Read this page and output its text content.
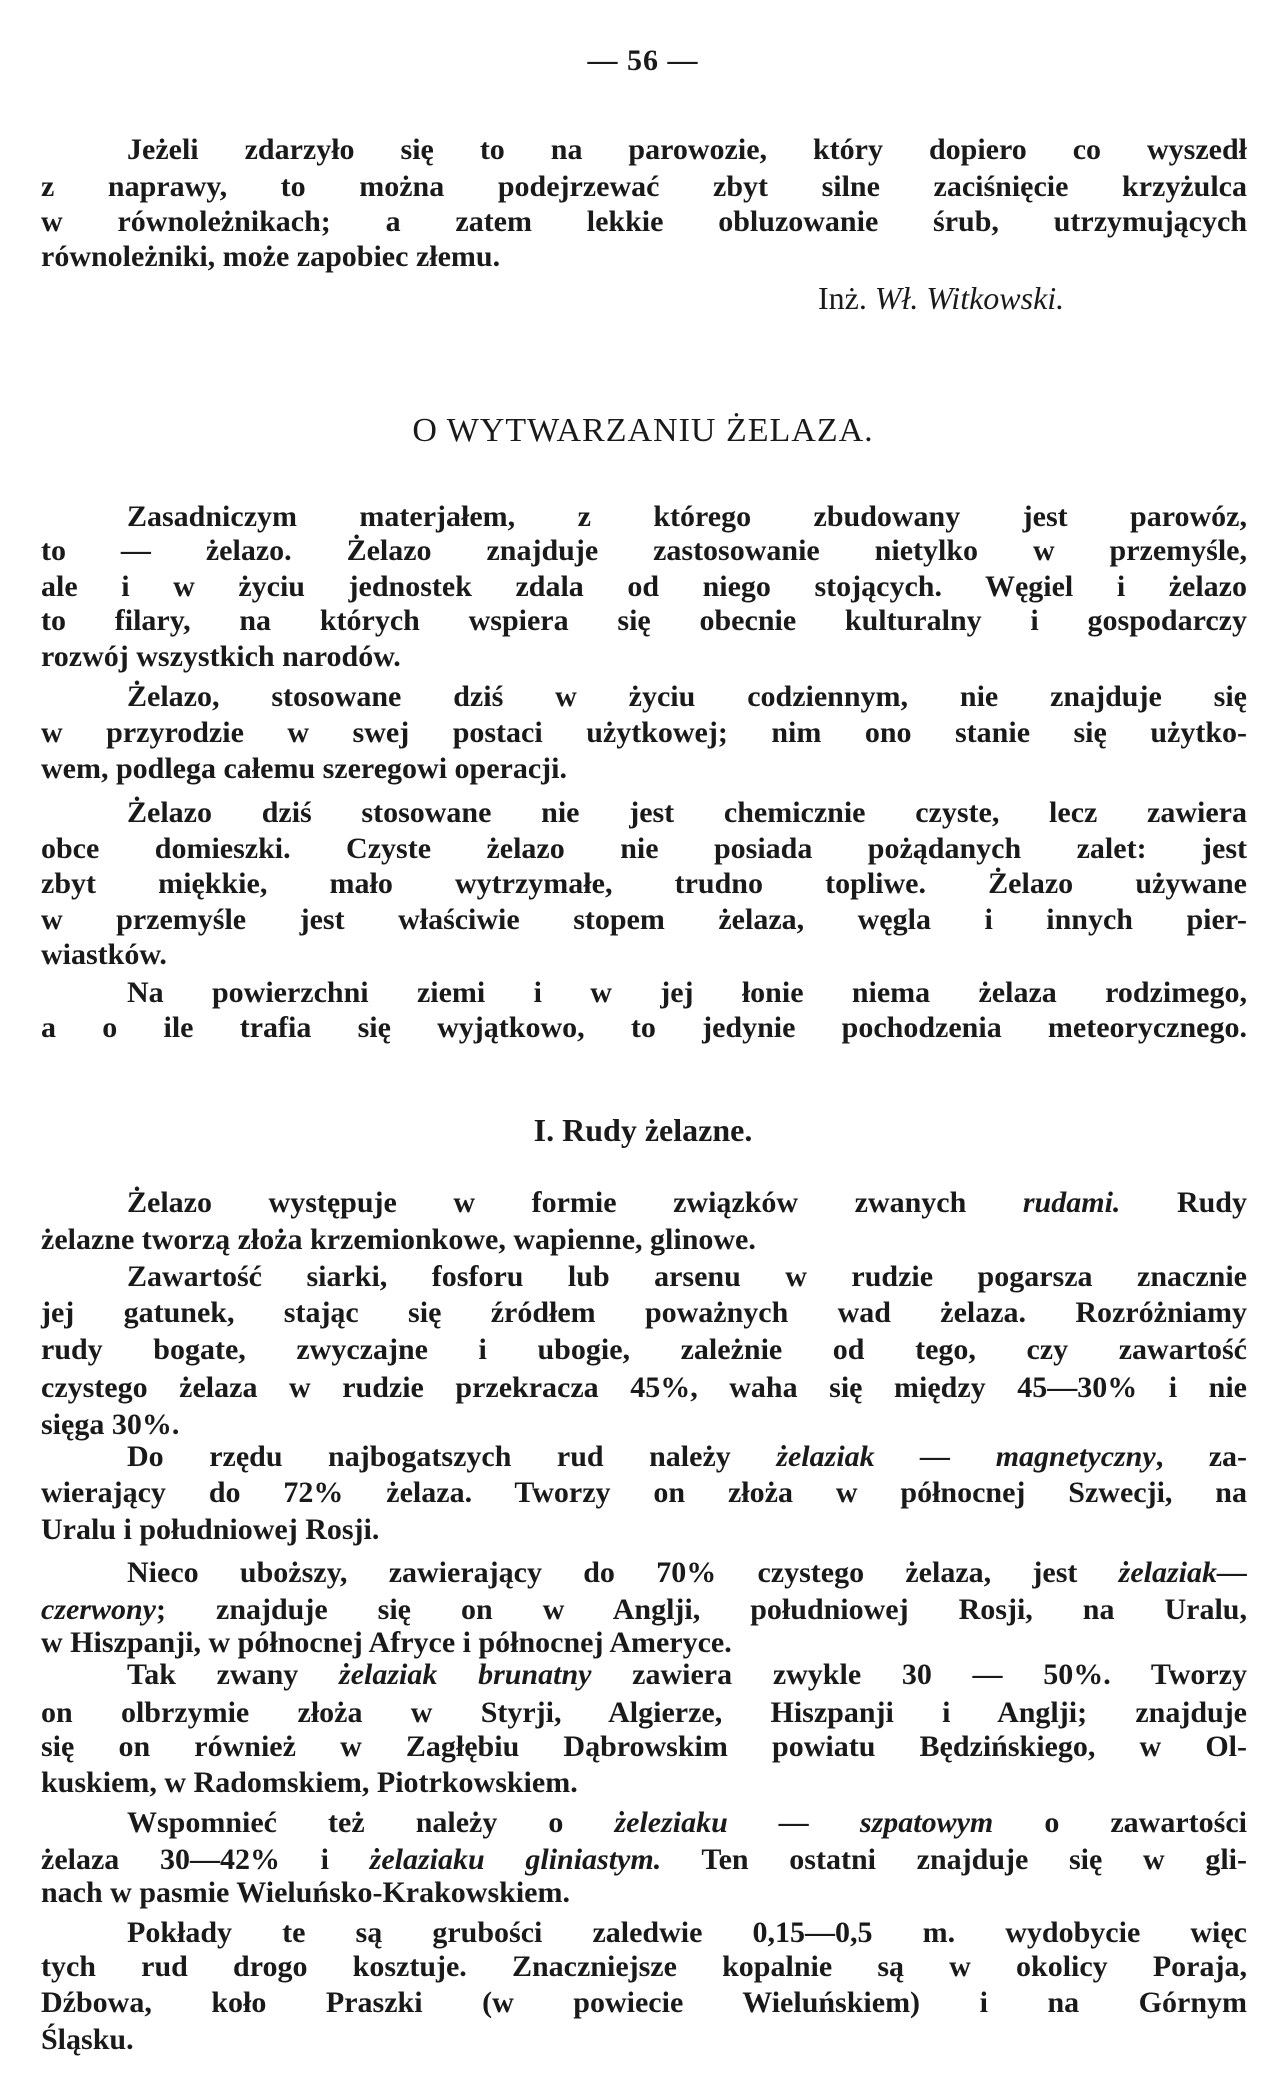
— 56 —
Jeżeli zdarzyło się to na parowozie, który dopiero co wyszedł
z naprawy, to można podejrzewać zbyt silne zaciśnięcie krzyżulca
w równoleżnikach; a zatem lekkie obluzowanie śrub, utrzymujących
równoleżniki, może zapobiec złemu.
Inż. Wł. Witkowski.
O WYTWARZANIU ŻELAZA.
Zasadniczym materjałem, z którego zbudowany jest parowóz,
to — żelazo. Żelazo znajduje zastosowanie nietylko w przemyśle,
ale i w życiu jednostek zdala od niego stojących. Węgiel i żelazo
to filary, na których wspiera się obecnie kulturalny i gospodarczy
rozwój wszystkich narodów.
Żelazo, stosowane dziś w życiu codziennym, nie znajduje się
w przyrodzie w swej postaci użytkowej; nim ono stanie się użytko-
wem, podlega całemu szeregowi operacji.
Żelazo dziś stosowane nie jest chemicznie czyste, lecz zawiera
obce domieszki. Czyste żelazo nie posiada pożądanych zalet: jest
zbyt miękkie, mało wytrzymałe, trudno topliwe. Żelazo używane
w przemyśle jest właściwie stopem żelaza, węgla i innych pier-
wiastków.
Na powierzchni ziemi i w jej łonie niema żelaza rodzimego,
a o ile trafia się wyjątkowo, to jedynie pochodzenia meteorycznego.
I. Rudy żelazne.
Żelazo występuje w formie związków zwanych rudami. Rudy
żelazne tworzą złoża krzemionkowe, wapienne, glinowe.
Zawartość siarki, fosforu lub arsenu w rudzie pogarsza znacznie
jej gatunek, stając się źródłem poważnych wad żelaza. Rozróżniamy
rudy bogate, zwyczajne i ubogie, zależnie od tego, czy zawartość
czystego żelaza w rudzie przekracza 45%, waha się między 45—30% i nie
sięga 30%.
Do rzędu najbogatszych rud należy żelaziak — magnetyczny, za-
wierający do 72% żelaza. Tworzy on złoża w północnej Szwecji, na
Uralu i południowej Rosji.
Nieco uboższy, zawierający do 70% czystego żelaza, jest żelaziak—
czerwony; znajduje się on w Anglji, południowej Rosji, na Uralu,
w Hiszpanji, w północnej Afryce i północnej Ameryce.
Tak zwany żelaziak brunatny zawiera zwykle 30 — 50%. Tworzy
on olbrzymie złoża w Styrji, Algierze, Hiszpanji i Anglji; znajduje
się on również w Zagłębiu Dąbrowskim powiatu Będzińskiego, w Ol-
kuskiem, w Radomskiem, Piotrkowskiem.
Wspomnieć też należy o żeleziaku — szpatowym o zawartości
żelaza 30—42% i żelaziaku gliniastym. Ten ostatni znajduje się w gli-
nach w pasmie Wieluńsko-Krakowskiem.
Pokłady te są grubości zaledwie 0,15—0,5 m. wydobycie więc
tych rud drogo kosztuje. Znaczniejsze kopalnie są w okolicy Poraja,
Dźbowa, koło Praszki (w powiecie Wieluńskiem) i na Górnym
Śląsku.
